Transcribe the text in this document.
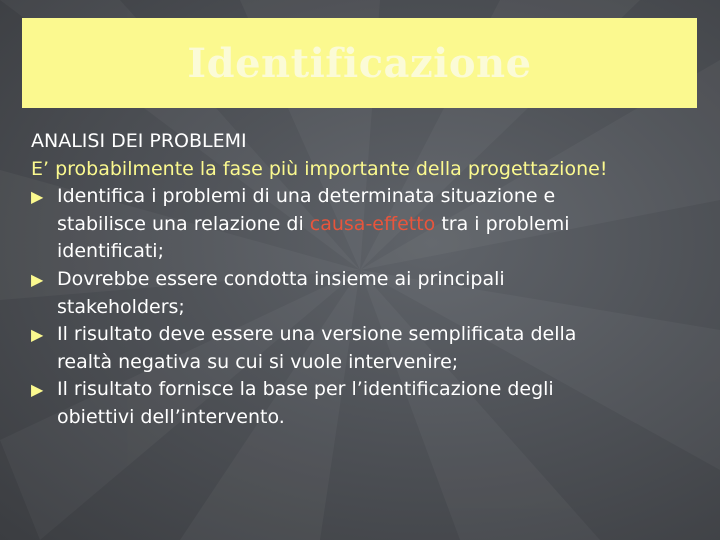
Identificazione
ANALISI DEI PROBLEMI
E’ probabilmente la fase più importante della progettazione!
▶ Identifica i problemi di una determinata situazione e
stabilisce una relazione di causa-effetto tra i problemi
identificati;
▶ Dovrebbe essere condotta insieme ai principali
stakeholders;
▶ Il risultato deve essere una versione semplificata della
realtà negativa su cui si vuole intervenire;
▶ Il risultato fornisce la base per l’identificazione degli
obiettivi dell’intervento.
